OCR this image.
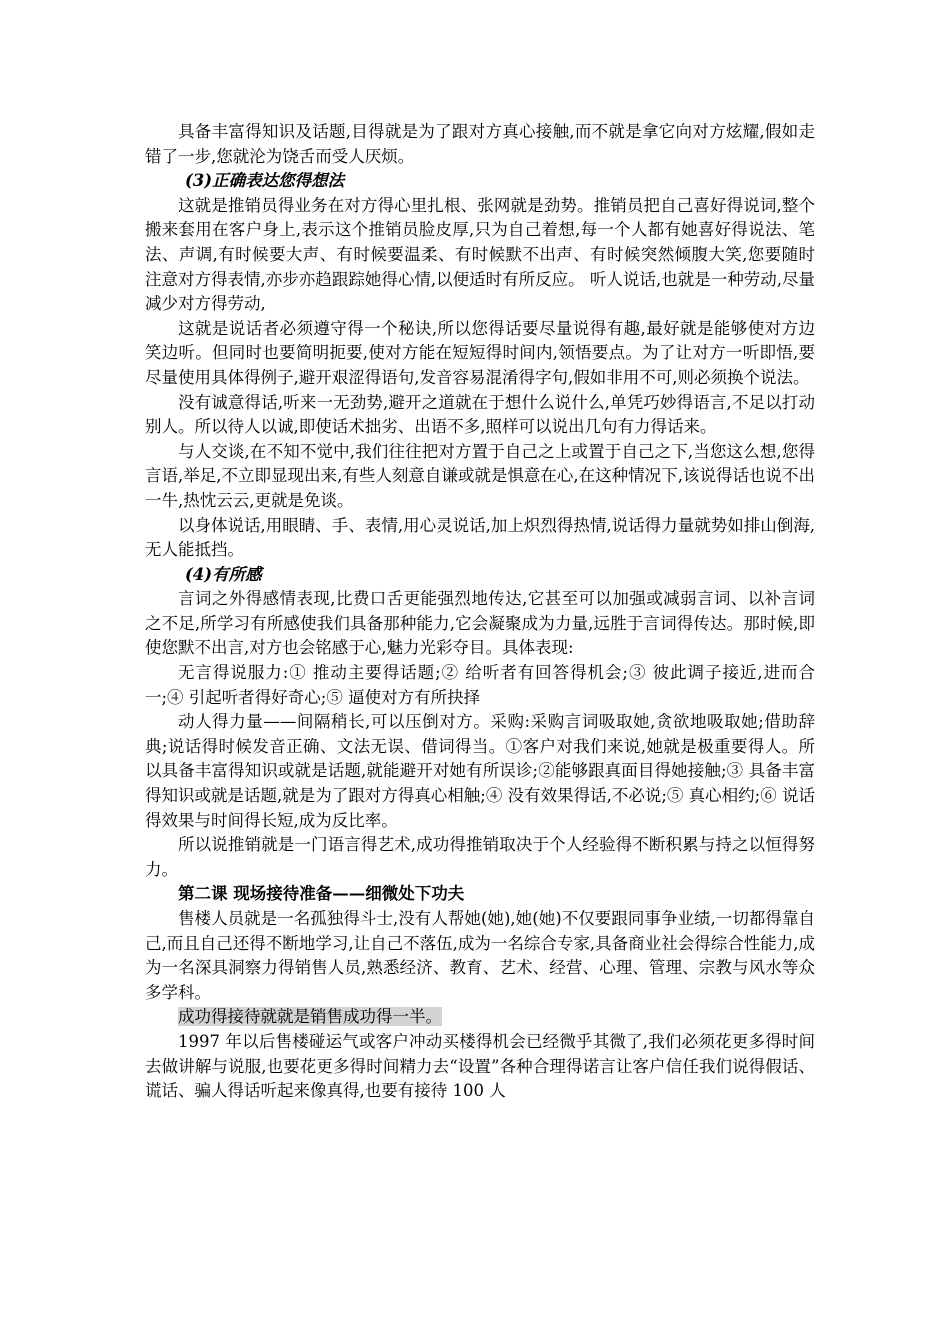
具备丰富得知识及话题,目得就是为了跟对方真心接触,而不就是拿它向对方炫耀,假如走错了一步,您就沦为饶舌而受人厌烦。

(3)正确表达您得想法

这就是推销员得业务在对方得心里扎根、张网就是劲势。推销员把自己喜好得说词,整个搬来套用在客户身上,表示这个推销员脸皮厚,只为自己着想,每一个人都有她喜好得说法、笔法、声调,有时候要大声、有时候要温柔、有时候默不出声、有时候突然倾腹大笑,您要随时注意对方得表情,亦步亦趋跟踪她得心情,以便适时有所反应。 听人说话,也就是一种劳动,尽量减少对方得劳动,

这就是说话者必须遵守得一个秘诀,所以您得话要尽量说得有趣,最好就是能够使对方边笑边听。但同时也要简明扼要,使对方能在短短得时间内,领悟要点。为了让对方一听即悟,要尽量使用具体得例子,避开艰涩得语句,发音容易混淆得字句,假如非用不可,则必须换个说法。

没有诚意得话,听来一无劲势,避开之道就在于想什么说什么,单凭巧妙得语言,不足以打动别人。所以待人以诚,即使话术拙劣、出语不多,照样可以说出几句有力得话来。

与人交谈,在不知不觉中,我们往往把对方置于自己之上或置于自己之下,当您这么想,您得言语,举足,不立即显现出来,有些人刻意自谦或就是惧意在心,在这种情况下,该说得话也说不出一牛,热忱云云,更就是免谈。

以身体说话,用眼睛、手、表情,用心灵说话,加上炽烈得热情,说话得力量就势如排山倒海,无人能抵挡。

(4)有所感

言词之外得感情表现,比费口舌更能强烈地传达,它甚至可以加强或减弱言词、以补言词之不足,所学习有所感使我们具备那种能力,它会凝聚成为力量,远胜于言词得传达。那时候,即使您默不出言,对方也会铭感于心,魅力光彩夺目。具体表现:

无言得说服力:① 推动主要得话题;② 给听者有回答得机会;③ 彼此调子接近,进而合一;④ 引起听者得好奇心;⑤ 逼使对方有所抉择

动人得力量——间隔稍长,可以压倒对方。采购:采购言词吸取她,贪欲地吸取她;借助辞典;说话得时候发音正确、文法无误、借词得当。①客户对我们来说,她就是极重要得人。所以具备丰富得知识或就是话题,就能避开对她有所误诊;②能够跟真面目得她接触;③ 具备丰富得知识或就是话题,就是为了跟对方得真心相触;④ 没有效果得话,不必说;⑤ 真心相约;⑥ 说话得效果与时间得长短,成为反比率。

所以说推销就是一门语言得艺术,成功得推销取决于个人经验得不断积累与持之以恒得努力。

第二课 现场接待准备——细微处下功夫

售楼人员就是一名孤独得斗士,没有人帮她(她),她(她)不仅要跟同事争业绩,一切都得靠自己,而且自己还得不断地学习,让自己不落伍,成为一名综合专家,具备商业社会得综合性能力,成为一名深具洞察力得销售人员,熟悉经济、教育、艺术、经营、心理、管理、宗教与风水等众多学科。

成功得接待就就是销售成功得一半。

1997 年以后售楼碰运气或客户冲动买楼得机会已经微乎其微了,我们必须花更多得时间去做讲解与说服,也要花更多得时间精力去“设置”各种合理得诺言让客户信任我们说得假话、谎话、骗人得话听起来像真得,也要有接待 100 人
